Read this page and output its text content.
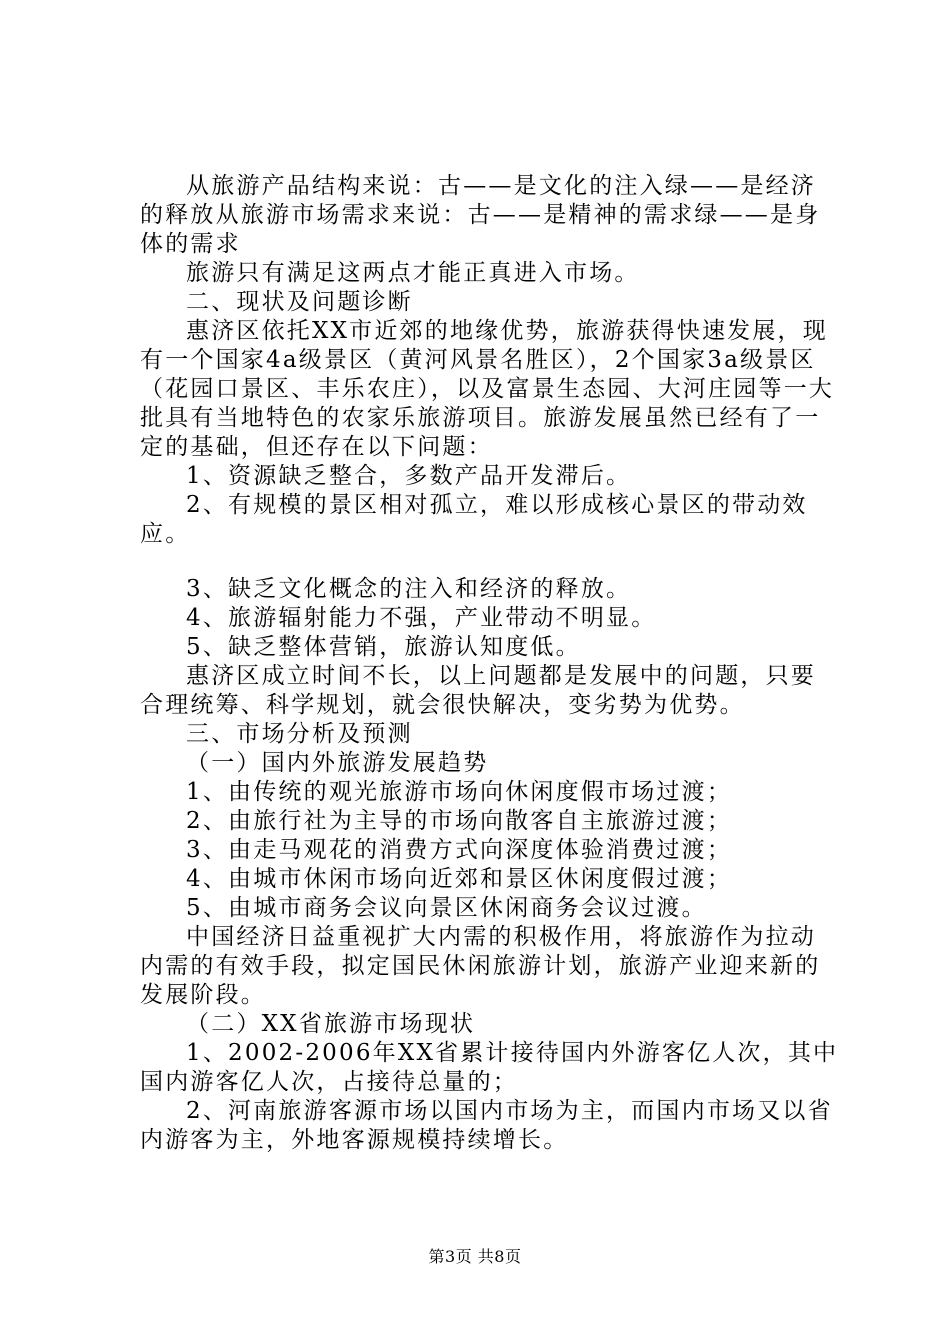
从旅游产品结构来说：古——是文化的注入绿——是经济的释放从旅游市场需求来说：古——是精神的需求绿——是身体的需求

旅游只有满足这两点才能正真进入市场。

二、现状及问题诊断

惠济区依托XX市近郊的地缘优势，旅游获得快速发展，现有一个国家4a级景区（黄河风景名胜区），2个国家3a级景区（花园口景区、丰乐农庄），以及富景生态园、大河庄园等一大批具有当地特色的农家乐旅游项目。旅游发展虽然已经有了一定的基础，但还存在以下问题：

1、资源缺乏整合，多数产品开发滞后。

2、有规模的景区相对孤立，难以形成核心景区的带动效应。

3、缺乏文化概念的注入和经济的释放。

4、旅游辐射能力不强，产业带动不明显。

5、缺乏整体营销，旅游认知度低。

惠济区成立时间不长，以上问题都是发展中的问题，只要合理统筹、科学规划，就会很快解决，变劣势为优势。

三、市场分析及预测

（一）国内外旅游发展趋势

1、由传统的观光旅游市场向休闲度假市场过渡；

2、由旅行社为主导的市场向散客自主旅游过渡；

3、由走马观花的消费方式向深度体验消费过渡；

4、由城市休闲市场向近郊和景区休闲度假过渡；

5、由城市商务会议向景区休闲商务会议过渡。

中国经济日益重视扩大内需的积极作用，将旅游作为拉动内需的有效手段，拟定国民休闲旅游计划，旅游产业迎来新的发展阶段。

（二）XX省旅游市场现状

1、2002-2006年XX省累计接待国内外游客亿人次，其中国内游客亿人次，占接待总量的；

2、河南旅游客源市场以国内市场为主，而国内市场又以省内游客为主，外地客源规模持续增长。

第3页 共8页
